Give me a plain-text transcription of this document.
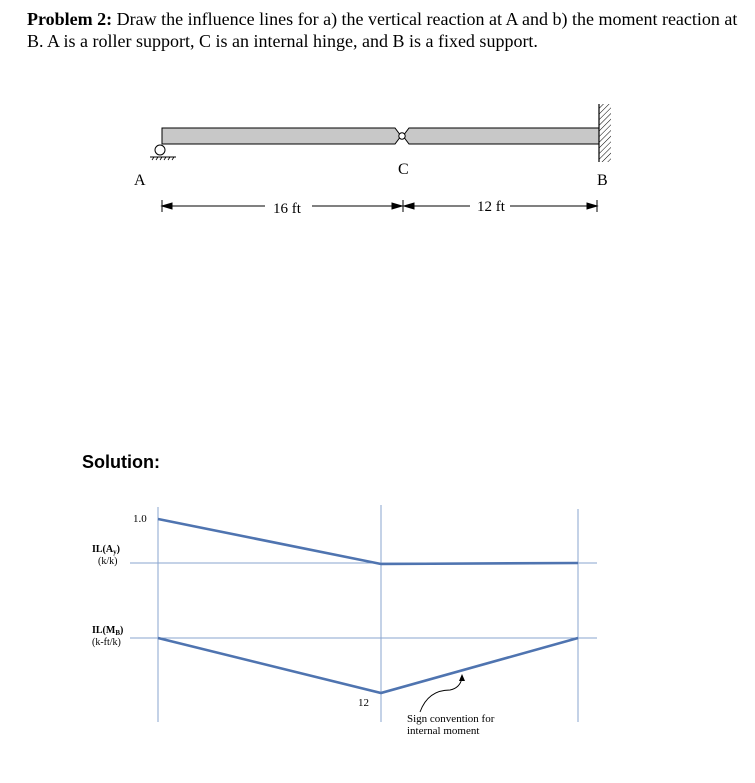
Problem 2: Draw the influence lines for a) the vertical reaction at A and b) the moment reaction at B. A is a roller support, C is an internal hinge, and B is a fixed support.
A
C
B
16 ft	12 ft
1.0
12
$IL(A_y)$
(k/k)
$IL(M_B)$
(k-ft/k)
Sign convention for
internal moment
Solution:
